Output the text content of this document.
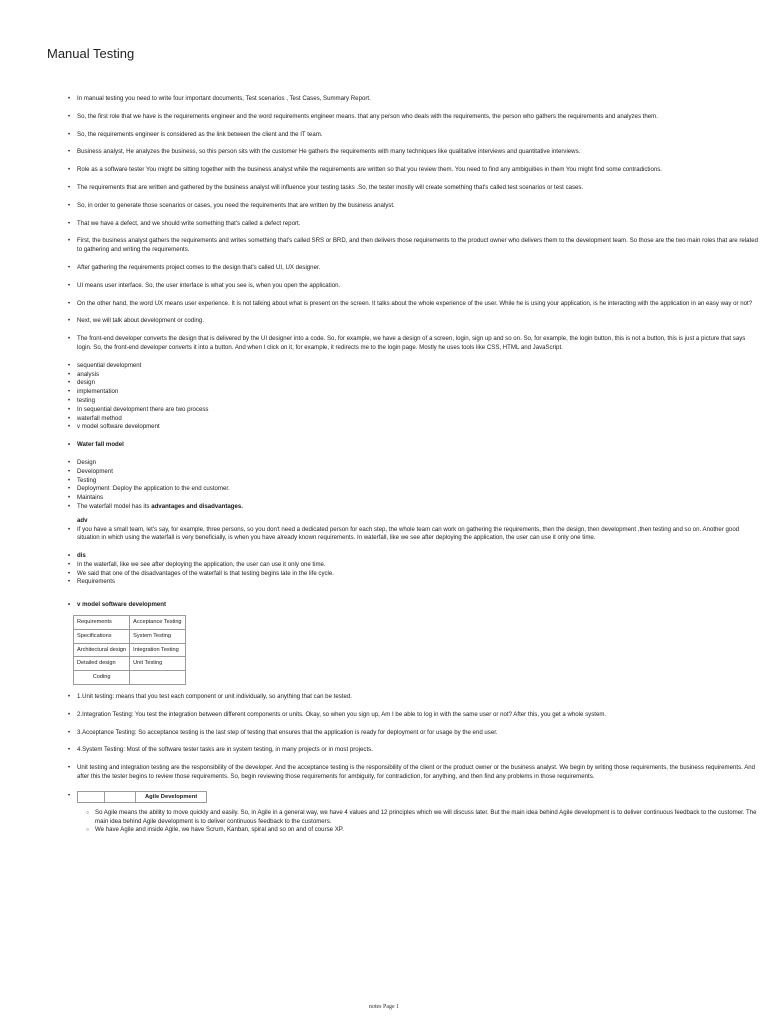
Manual Testing
• In manual testing you need to write four important documents, Test scenarios , Test Cases, Summary Report.
• So, the first role that we have is the requirements engineer and the word requirements engineer means. that any person who deals with the requirements, the person who gathers the requirements and analyzes them.
• So, the requirements engineer is considered as the link between the client and the IT team.
• Business analyst, He analyzes the business, so this person sits with the customer He gathers the requirements with many techniques like qualitative interviews and quantitative interviews.
• Role as a software tester You might be sitting together with the business analyst while the requirements are written so that you review them. You need to find any ambiguities in them You might find some contradictions.
• The requirements that are written and gathered by the business analyst will influence your testing tasks .So, the tester mostly will create something that's called test scenarios or test cases.
• So, in order to generate those scenarios or cases, you need the requirements that are written by the business analyst.
• That we have a defect, and we should write something that's called a defect report.
• First, the business analyst gathers the requirements and writes something that's called SRS or BRD, and then delivers those requirements to the product owner who delivers them to the development team. So those are the two main roles that are related to gathering and writing the requirements.
• After gathering the requirements project comes to the design that's called UI, UX designer.
• UI means user interface. So, the user interface is what you see is, when you open the application.
• On the other hand, the word UX means user experience. It is not talking about what is present on the screen. It talks about the whole experience of the user. While he is using your application, is he interacting with the application in an easy way or not?
• Next, we will talk about development or coding.
• The front-end developer converts the design that is delivered by the UI designer into a code. So, for example, we have a design of a screen, login, sign up and so on. So, for example, the login button, this is not a button, this is just a picture that says login. So, the front-end developer converts it into a button. And when I click on it, for example, it redirects me to the login page. Mostly he uses tools like CSS, HTML and JavaScript.
• sequential development
• analysis
• design
• implementation
• testing
• In sequential development there are two process
• waterfall method
• v model software development
• Water fall model
• Design
• Development
• Testing
• Deployment :Deploy the application to the end customer.
• Maintains
• The waterfall model has its advantages and disadvantages.
adv
• If you have a small team, let's say, for example, three persons, so you don't need a dedicated person for each step, the whole team can work on gathering the requirements, then the design, then development ,then testing and so on. Another good situation in which using the waterfall is very beneficially, is when you have already known requirements. In waterfall, like we see after deploying the application, the user can use it only one time.
• dis
• In the waterfall, like we see after deploying the application, the user can use it only one time.
• We said that one of the disadvantages of the waterfall is that testing begins late in the life cycle.
• Requirements
• v model software development
Requirements	Acceptance Testing
Specifications	System Testing
Architectural design	Integration Testing
Detailed design	Unit Testing
Coding	
• 1.Unit testing: means that you test each component or unit individually, so anything that can be tested.
• 2.Integration Testing: You test the integration between different components or units. Okay, so when you sign up, Am I be able to log in with the same user or not? After this, you get a whole system.
• 3.Acceptance Testing: So acceptance testing is the last step of testing that ensures that the application is ready for deployment or for usage by the end user.
• 4.System Testing: Most of the software tester tasks are in system testing, in many projects or in most projects.
• Unit testing and integration testing are the responsibility of the developer. And the acceptance testing is the responsibility of the client or the product owner or the business analyst. We begin by writing those requirements, the business requirements. And after this the tester begins to review those requirements. So, begin reviewing those requirements for ambiguity, for contradiction, for anything, and then find any problems in those requirements.
•	Agile Development
○ So Agile means the ability to move quickly and easily. So, in Agile in a general way, we have 4 values and 12 principles which we will discuss later. But the main idea behind Agile development is to deliver continuous feedback to the customer. The main idea behind Agile development is to deliver continuous feedback to the customers.
○ We have Agile and inside Agile, we have Scrum, Kanban, spiral and so on and of course XP.
notes Page 1
